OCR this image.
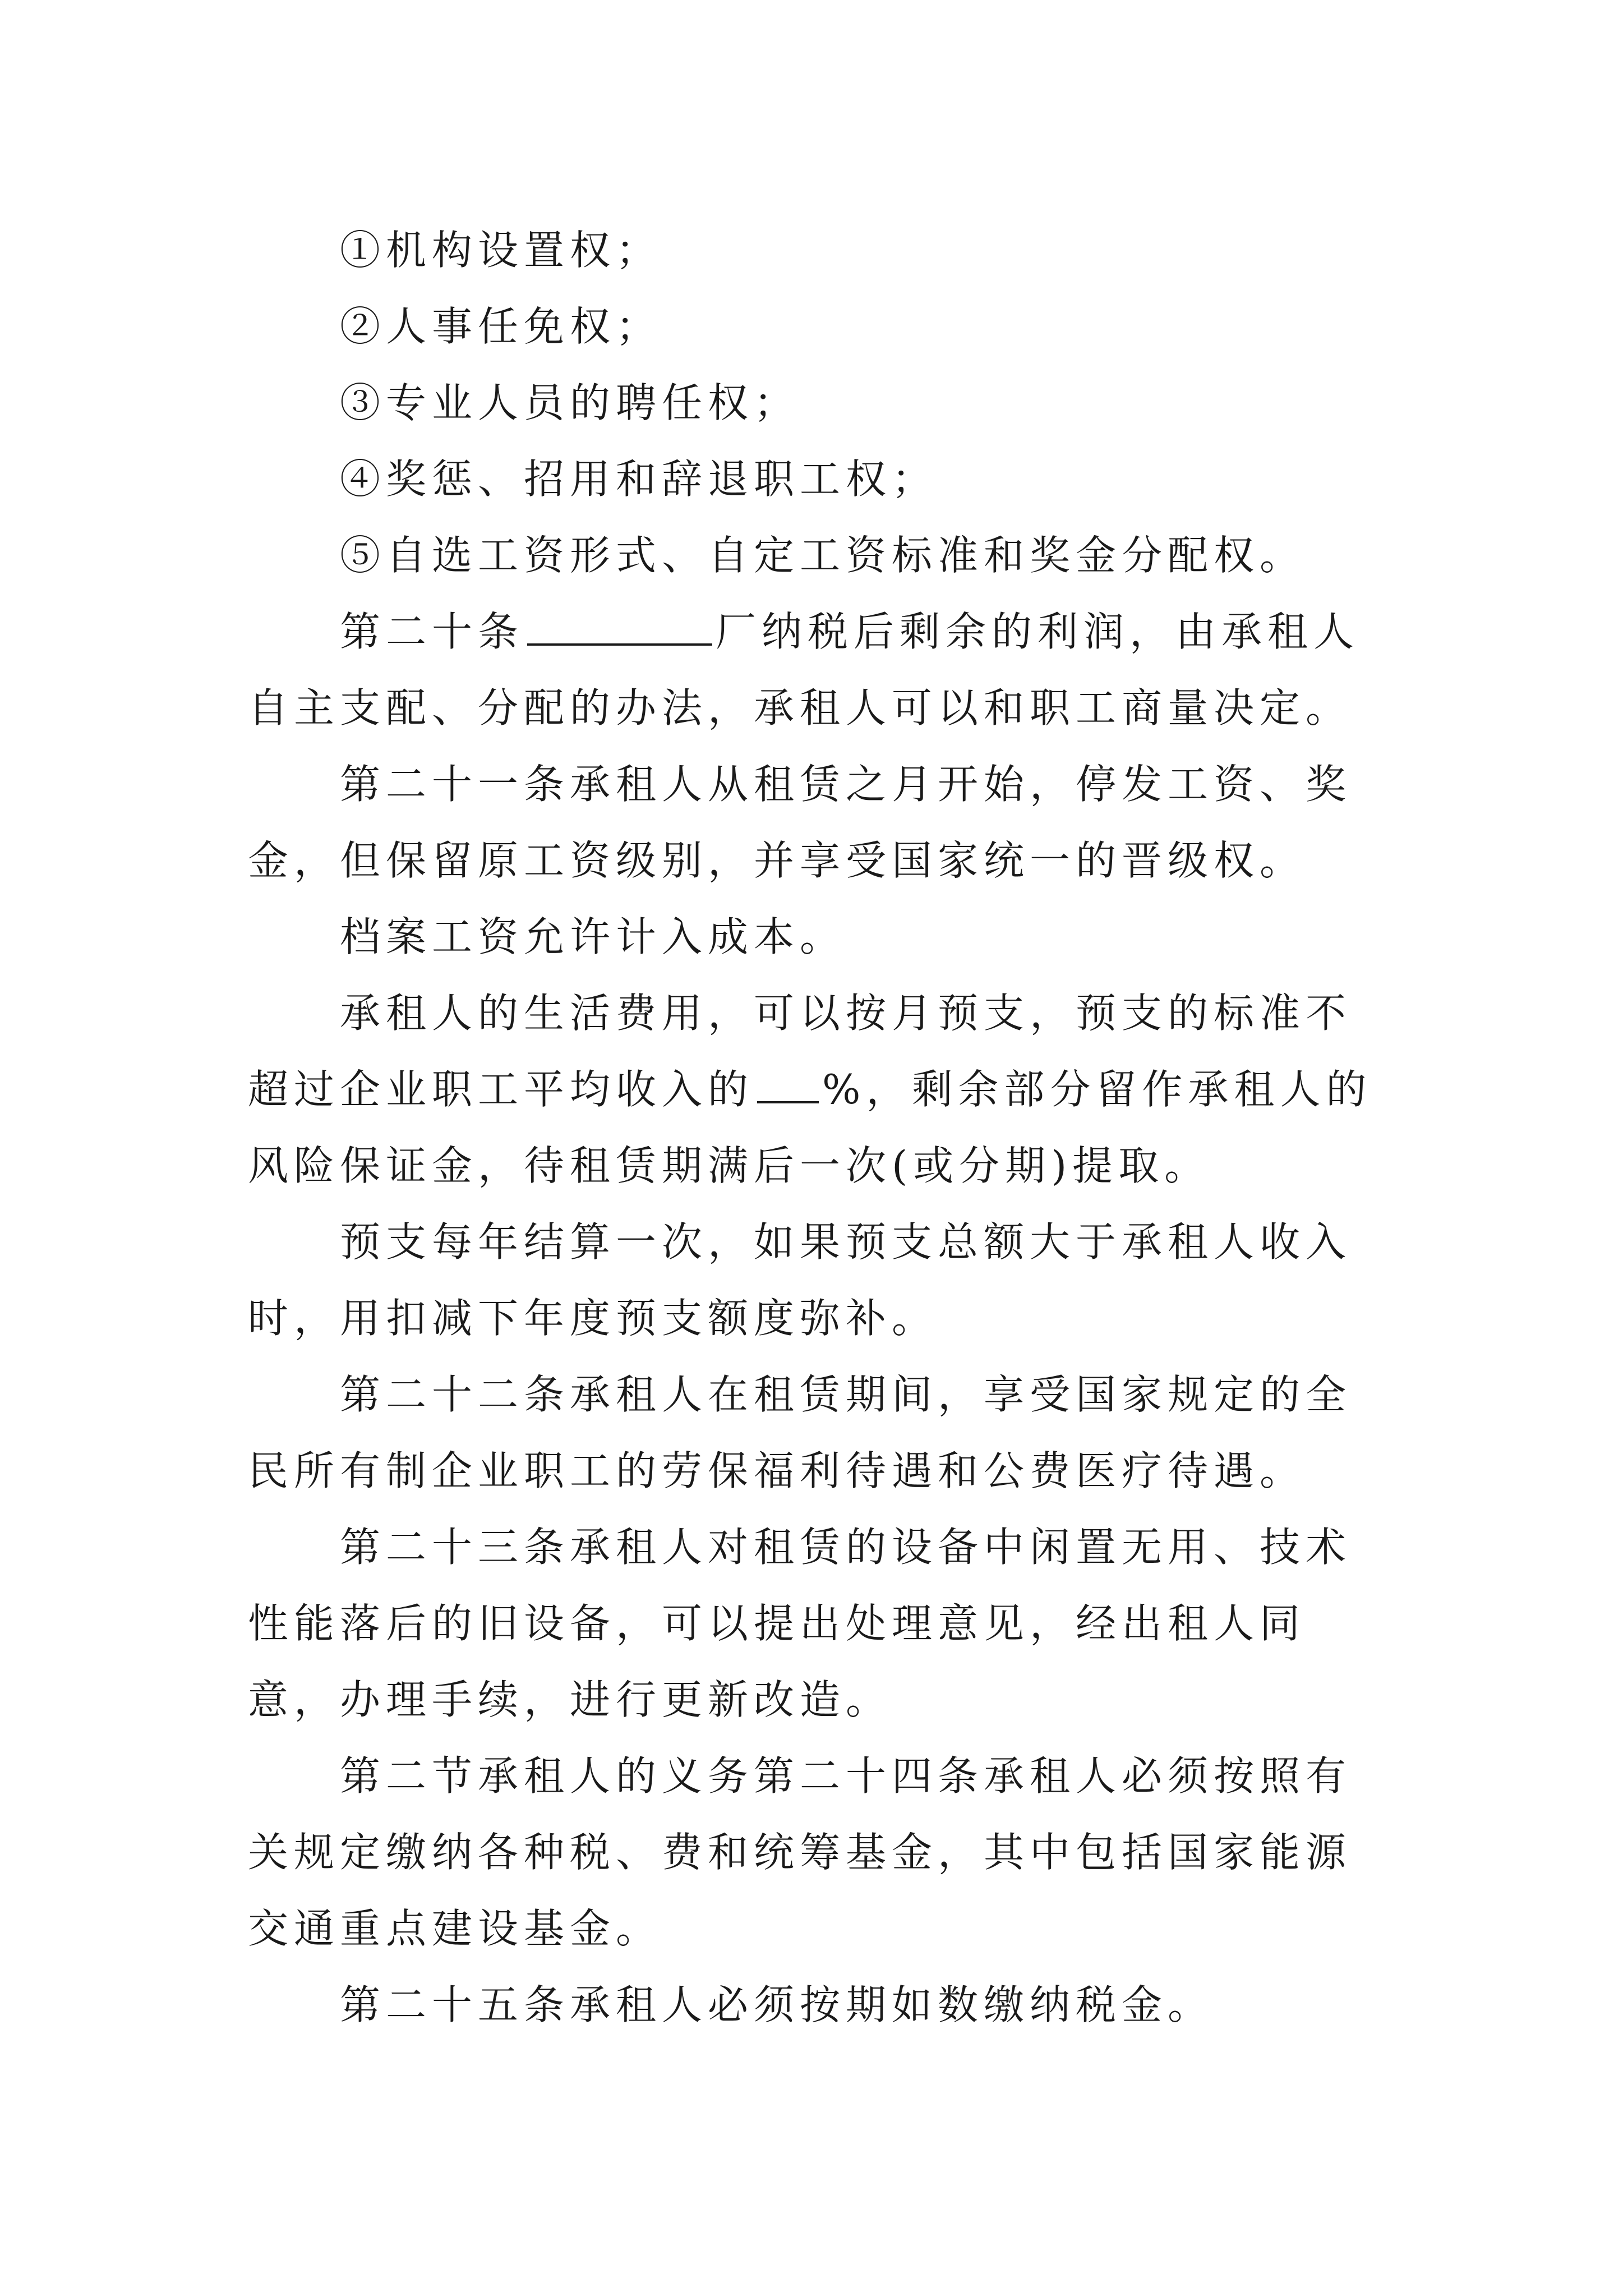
①机构设置权；

②人事任免权；

③专业人员的聘任权；

④奖惩、招用和辞退职工权；

⑤自选工资形式、自定工资标准和奖金分配权。

第二十条	厂纳税后剩余的利润，由承租人自主支配、分配的办法，承租人可以和职工商量决定。

第二十一条承租人从租赁之月开始，停发工资、奖金，但保留原工资级别，并享受国家统一的晋级权。

档案工资允许计入成本。

承租人的生活费用，可以按月预支，预支的标准不超过企业职工平均收入的 %，剩余部分留作承租人的风险保证金，待租赁期满后一次(或分期)提取。

预支每年结算一次，如果预支总额大于承租人收入时，用扣减下年度预支额度弥补。

第二十二条承租人在租赁期间，享受国家规定的全民所有制企业职工的劳保福利待遇和公费医疗待遇。

第二十三条承租人对租赁的设备中闲置无用、技术性能落后的旧设备，可以提出处理意见，经出租人同意，办理手续，进行更新改造。

第二节承租人的义务第二十四条承租人必须按照有关规定缴纳各种税、费和统筹基金，其中包括国家能源交通重点建设基金。

第二十五条承租人必须按期如数缴纳税金。
